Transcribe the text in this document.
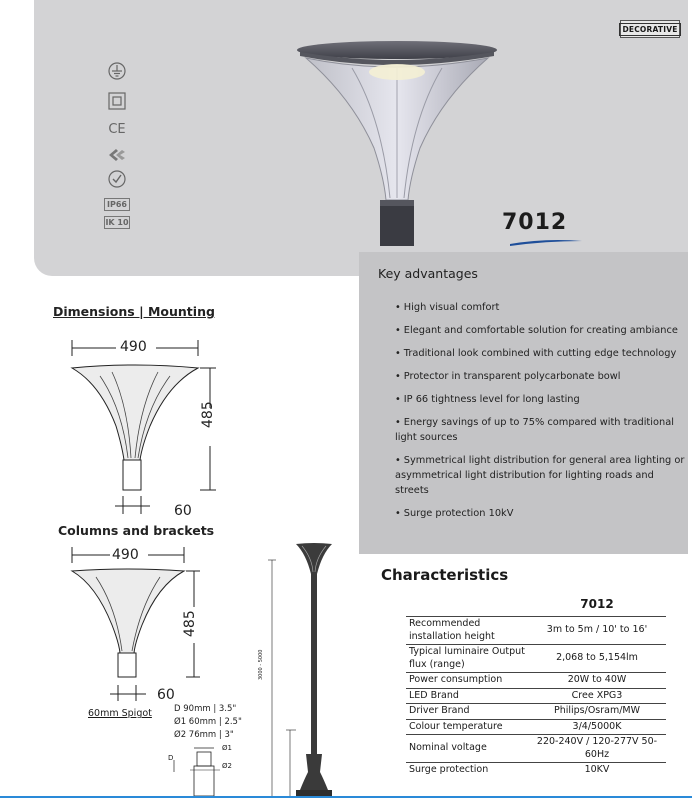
DECORATIVE
7012
CE
IP66
IK 10
Key advantages
• High visual comfort
• Elegant and comfortable solution for creating ambiance
• Traditional look combined with cutting edge technology
• Protector in transparent polycarbonate bowl
• IP 66 tightness level for long lasting
• Energy savings of up to 75% compared with traditional light sources
• Symmetrical light distribution for general area lighting or asymmetrical light distribution for lighting roads and streets
• Surge protection 10kV
Dimensions | Mounting
490
485
60
Columns and brackets
490
485
60
60mm Spigot	D 90mm | 3.5"
Ø1 60mm | 2.5"
Ø2 76mm | 3"
Ø1
Ø2
D
3000 - 5000
Characteristics
	7012
Recommended installation height	3m to 5m / 10' to 16'
Typical luminaire Output flux (range)	2,068 to 5,154lm
Power consumption	20W to 40W
LED Brand	Cree XPG3
Driver Brand	Philips/Osram/MW
Colour temperature	3/4/5000K
Nominal voltage	220-240V / 120-277V 50-60Hz
Surge protection	10KV
